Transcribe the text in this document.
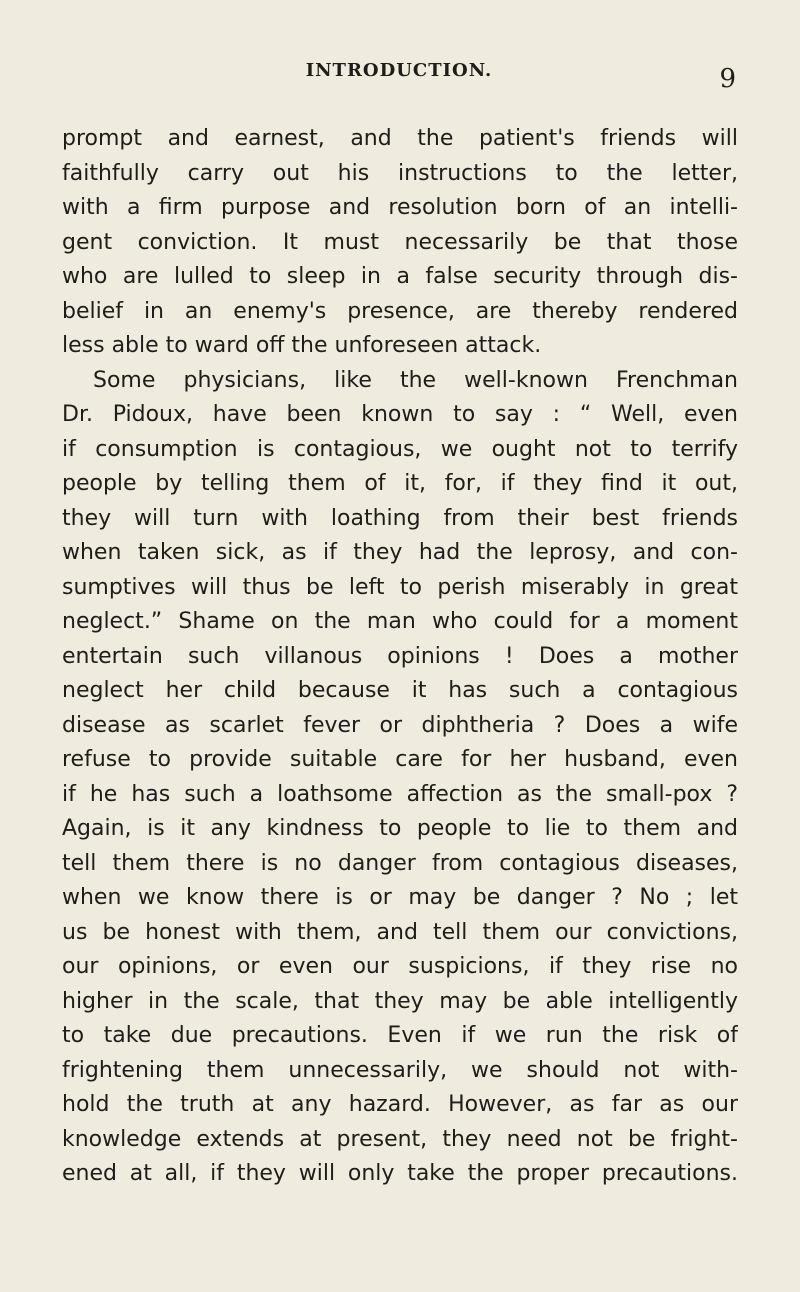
INTRODUCTION.	9
prompt and earnest, and the patient's friends will
faithfully carry out his instructions to the letter,
with a firm purpose and resolution born of an intelli-
gent conviction. It must necessarily be that those
who are lulled to sleep in a false security through dis-
belief in an enemy's presence, are thereby rendered
less able to ward off the unforeseen attack.
Some physicians, like the well-known Frenchman
Dr. Pidoux, have been known to say : “ Well, even
if consumption is contagious, we ought not to terrify
people by telling them of it, for, if they find it out,
they will turn with loathing from their best friends
when taken sick, as if they had the leprosy, and con-
sumptives will thus be left to perish miserably in great
neglect.” Shame on the man who could for a moment
entertain such villanous opinions ! Does a mother
neglect her child because it has such a contagious
disease as scarlet fever or diphtheria ? Does a wife
refuse to provide suitable care for her husband, even
if he has such a loathsome affection as the small-pox ?
Again, is it any kindness to people to lie to them and
tell them there is no danger from contagious diseases,
when we know there is or may be danger ? No ; let
us be honest with them, and tell them our convictions,
our opinions, or even our suspicions, if they rise no
higher in the scale, that they may be able intelligently
to take due precautions. Even if we run the risk of
frightening them unnecessarily, we should not with-
hold the truth at any hazard. However, as far as our
knowledge extends at present, they need not be fright-
ened at all, if they will only take the proper precautions.
